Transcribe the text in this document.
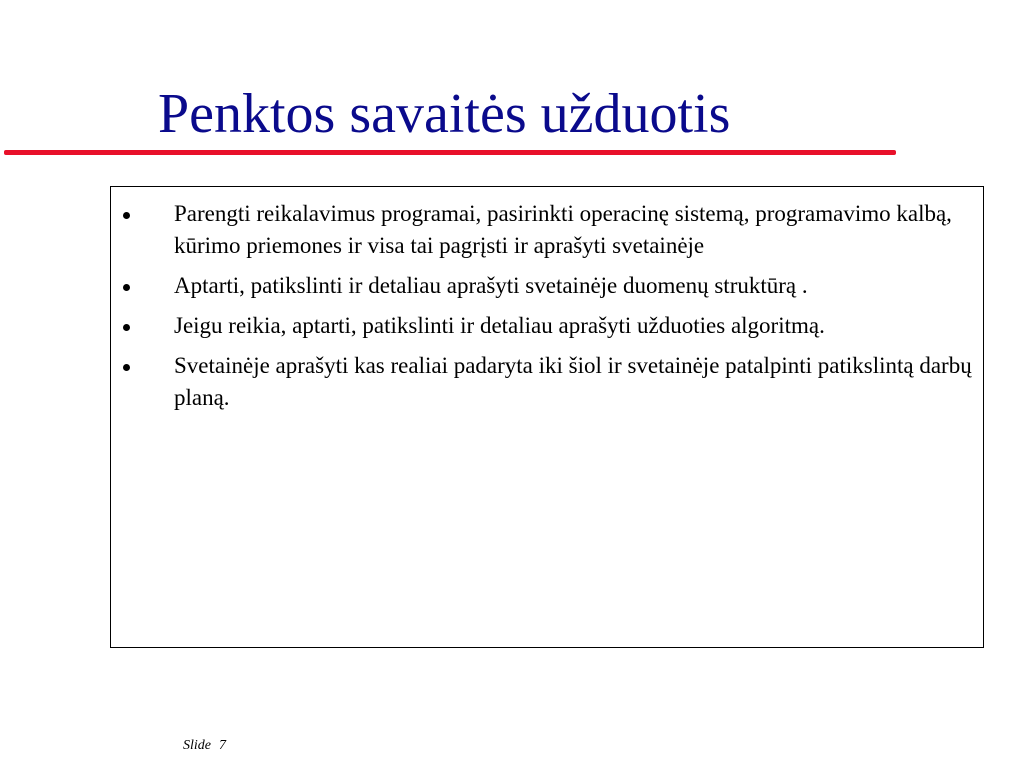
Penktos savaitės užduotis
Parengti reikalavimus programai, pasirinkti operacinę sistemą, programavimo kalbą, kūrimo priemones ir visa tai pagrįsti ir aprašyti svetainėje
Aptarti, patikslinti ir detaliau aprašyti svetainėje duomenų struktūrą .
Jeigu reikia, aptarti, patikslinti ir detaliau aprašyti užduoties algoritmą.
Svetainėje aprašyti kas realiai padaryta iki šiol ir svetainėje patalpinti patikslintą darbų planą.
Slide 7
